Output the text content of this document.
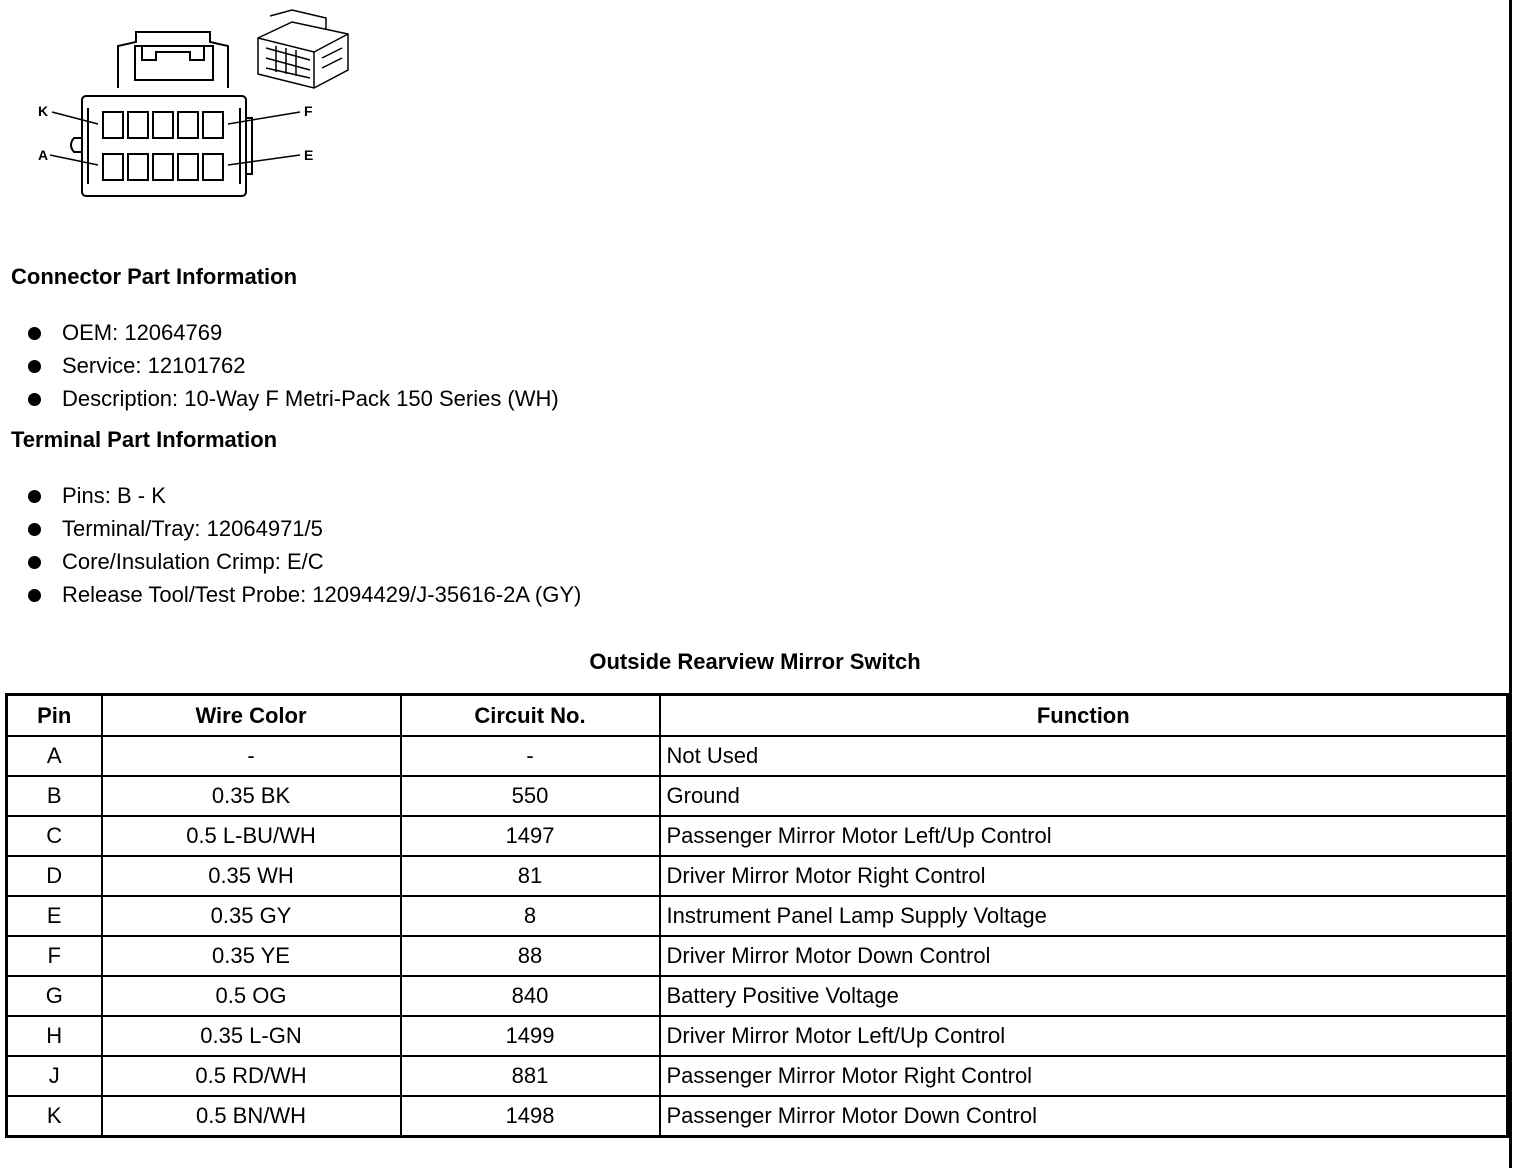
K
A
F
E
Connector Part Information
OEM: 12064769
Service: 12101762
Description: 10-Way F Metri-Pack 150 Series (WH)
Terminal Part Information
Pins: B - K
Terminal/Tray: 12064971/5
Core/Insulation Crimp: E/C
Release Tool/Test Probe: 12094429/J-35616-2A (GY)
Outside Rearview Mirror Switch
Pin	Wire Color	Circuit No.	Function
A	-	-	Not Used
B	0.35 BK	550	Ground
C	0.5 L-BU/WH	1497	Passenger Mirror Motor Left/Up Control
D	0.35 WH	81	Driver Mirror Motor Right Control
E	0.35 GY	8	Instrument Panel Lamp Supply Voltage
F	0.35 YE	88	Driver Mirror Motor Down Control
G	0.5 OG	840	Battery Positive Voltage
H	0.35 L-GN	1499	Driver Mirror Motor Left/Up Control
J	0.5 RD/WH	881	Passenger Mirror Motor Right Control
K	0.5 BN/WH	1498	Passenger Mirror Motor Down Control
